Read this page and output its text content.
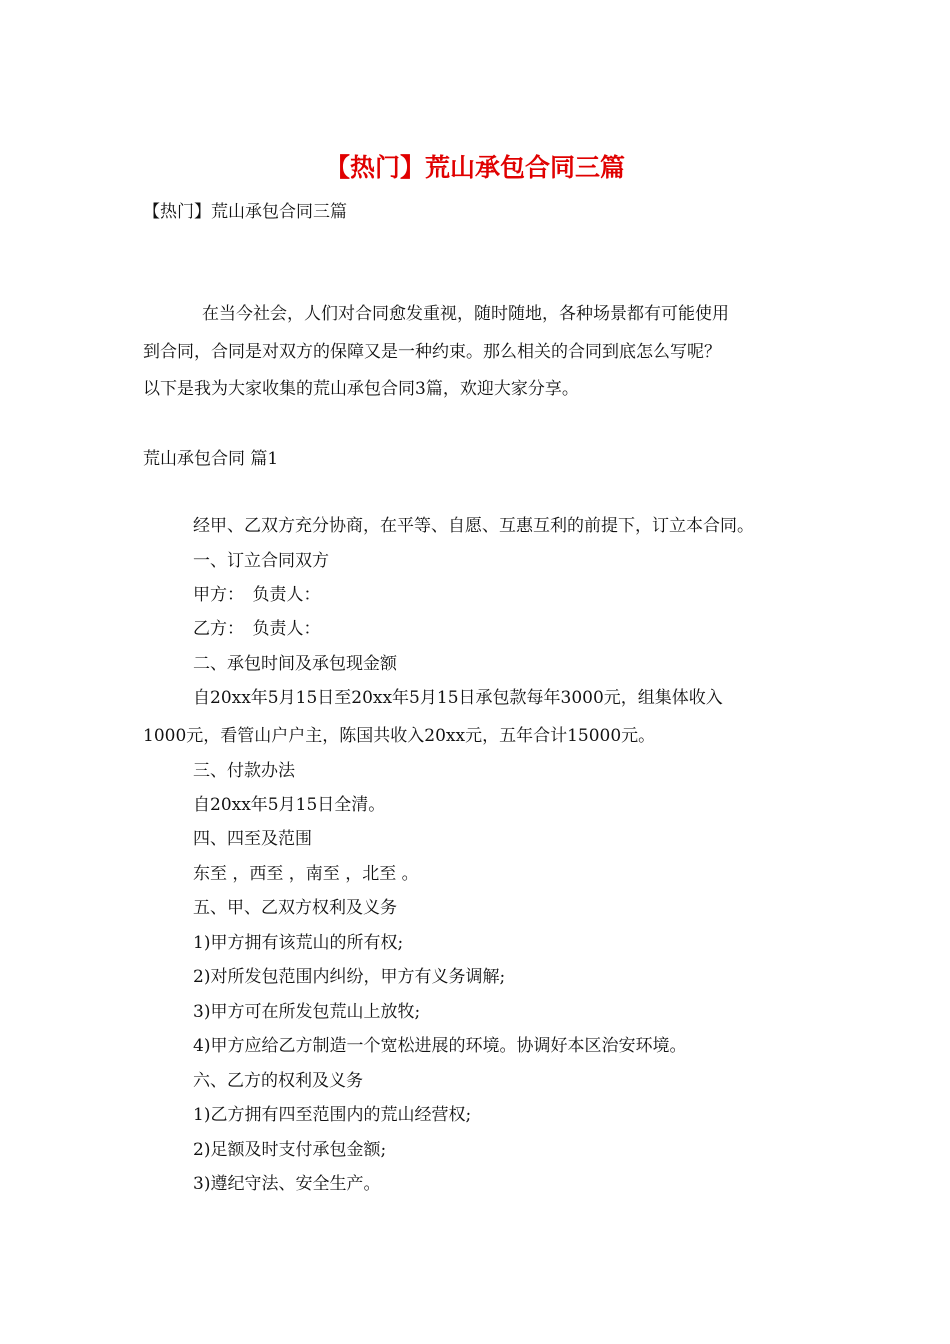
【热门】荒山承包合同三篇
【热门】荒山承包合同三篇
在当今社会，人们对合同愈发重视，随时随地，各种场景都有可能使用
到合同，合同是对双方的保障又是一种约束。那么相关的合同到底怎么写呢？
以下是我为大家收集的荒山承包合同3篇，欢迎大家分享。
荒山承包合同 篇1
经甲、乙双方充分协商，在平等、自愿、互惠互利的前提下，订立本合同。
一、订立合同双方
甲方：　负责人：
乙方：　负责人：
二、承包时间及承包现金额
自20xx年5月15日至20xx年5月15日承包款每年3000元，组集体收入
1000元，看管山户户主，陈国共收入20xx元，五年合计15000元。
三、付款办法
自20xx年5月15日全清。
四、四至及范围
东至 ，西至 ，南至 ，北至 。
五、甲、乙双方权利及义务
1)甲方拥有该荒山的所有权;
2)对所发包范围内纠纷，甲方有义务调解;
3)甲方可在所发包荒山上放牧;
4)甲方应给乙方制造一个宽松进展的环境。协调好本区治安环境。
六、乙方的权利及义务
1)乙方拥有四至范围内的荒山经营权;
2)足额及时支付承包金额;
3)遵纪守法、安全生产。
